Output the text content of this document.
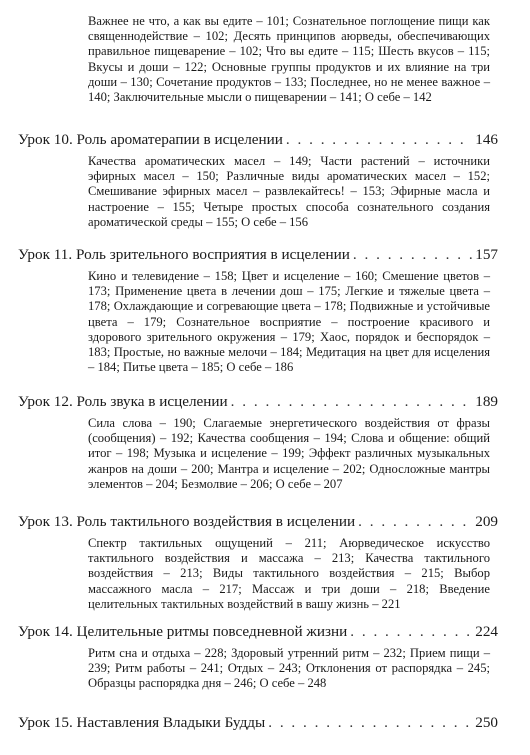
Важнее не что, а как вы едите – 101; Сознательное поглощение пищи как священнодействие – 102; Десять принципов аюрведы, обеспечивающих правильное пищеварение – 102; Что вы едите – 115; Шесть вкусов – 115; Вкусы и доши – 122; Основные группы продуктов и их влияние на три доши – 130; Сочетание продуктов – 133; Последнее, но не менее важное – 140; Заключительные мысли о пищеварении – 141; О себе – 142
Урок 10. Роль ароматерапии в исцелении . . .	146
Качества ароматических масел – 149; Части растений – источники эфирных масел – 150; Различные виды ароматических масел – 152; Смешивание эфирных масел – развлекайтесь! – 153; Эфирные масла и настроение – 155; Четыре простых способа сознательного создания ароматической среды – 155; О себе – 156
Урок 11. Роль зрительного восприятия в исцелении . . .	157
Кино и телевидение – 158; Цвет и исцеление – 160; Смешение цветов – 173; Применение цвета в лечении дош – 175; Легкие и тяжелые цвета – 178; Охлаждающие и согревающие цвета – 178; Подвижные и устойчивые цвета – 179; Сознательное восприятие – построение красивого и здорового зрительного окружения – 179; Хаос, порядок и беспорядок – 183; Простые, но важные мелочи – 184; Медитация на цвет для исцеления – 184; Питье цвета – 185; О себе – 186
Урок 12. Роль звука в исцелении . . .	189
Сила слова – 190; Слагаемые энергетического воздействия от фразы (сообщения) – 192; Качества сообщения – 194; Слова и общение: общий итог – 198; Музыка и исцеление – 199; Эффект различных музыкальных жанров на доши – 200; Мантра и исцеление – 202; Односложные мантры элементов – 204; Безмолвие – 206; О себе – 207
Урок 13. Роль тактильного воздействия в исцелении . . .	209
Спектр тактильных ощущений – 211; Аюрведическое искусство тактильного воздействия и массажа – 213; Качества тактильного воздействия – 213; Виды тактильного воздействия – 215; Выбор массажного масла – 217; Массаж и три доши – 218; Введение целительных тактильных воздействий в вашу жизнь – 221
Урок 14. Целительные ритмы повседневной жизни . . .	224
Ритм сна и отдыха – 228; Здоровый утренний ритм – 232; Прием пищи – 239; Ритм работы – 241; Отдых – 243; Отклонения от распорядка – 245; Образцы распорядка дня – 246; О себе – 248
Урок 15. Наставления Владыки Будды . . .	250
